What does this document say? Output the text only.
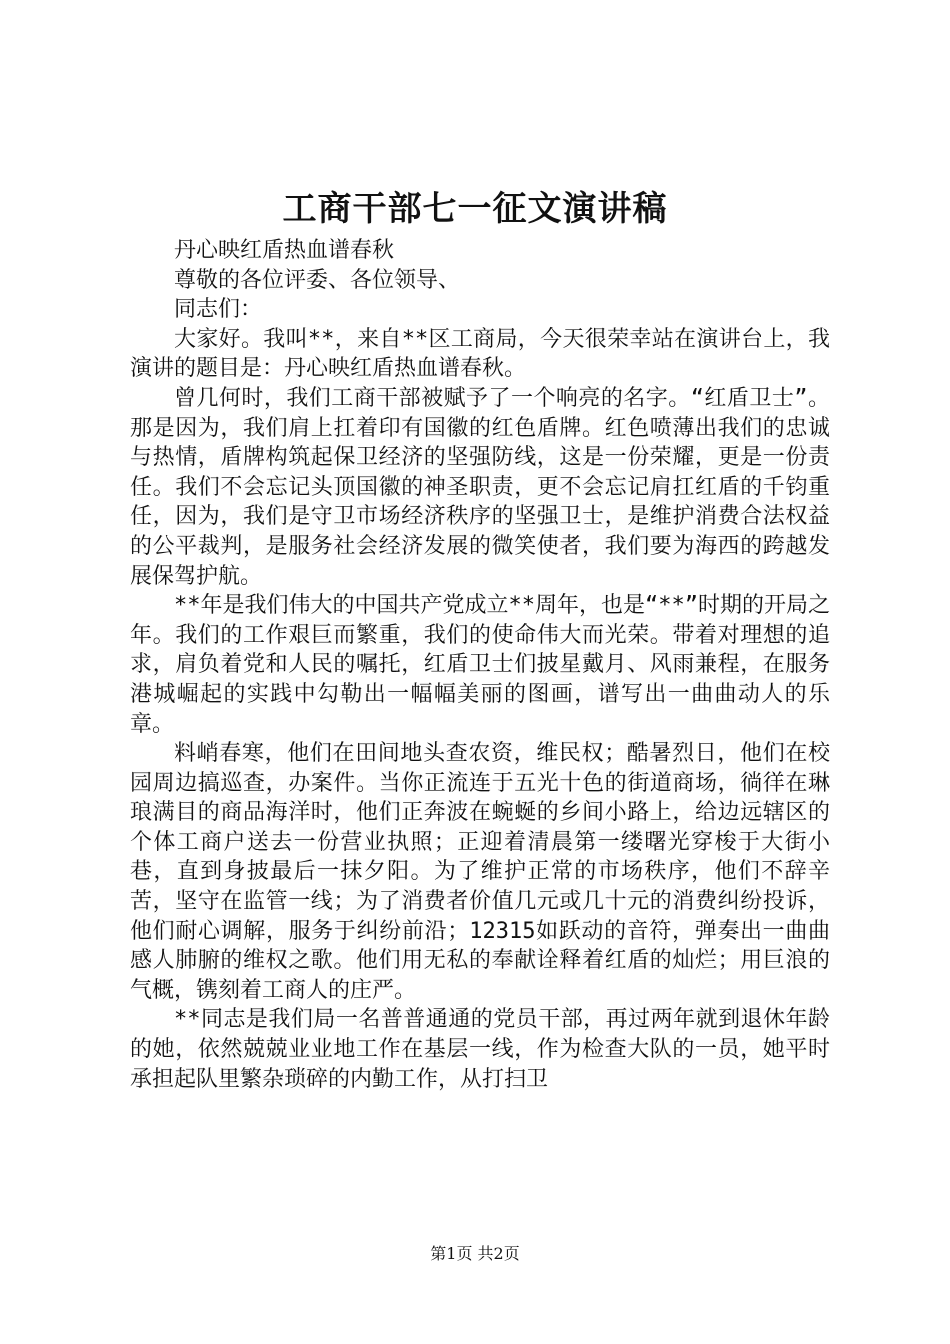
工商干部七一征文演讲稿

丹心映红盾热血谱春秋

尊敬的各位评委、各位领导、

同志们：

大家好。我叫**，来自**区工商局，今天很荣幸站在演讲台上，我演讲的题目是：丹心映红盾热血谱春秋。

曾几何时，我们工商干部被赋予了一个响亮的名字。“红盾卫士”。那是因为，我们肩上扛着印有国徽的红色盾牌。红色喷薄出我们的忠诚与热情，盾牌构筑起保卫经济的坚强防线，这是一份荣耀，更是一份责任。我们不会忘记头顶国徽的神圣职责，更不会忘记肩扛红盾的千钧重任，因为，我们是守卫市场经济秩序的坚强卫士，是维护消费合法权益的公平裁判，是服务社会经济发展的微笑使者，我们要为海西的跨越发展保驾护航。

**年是我们伟大的中国共产党成立**周年，也是“**”时期的开局之年。我们的工作艰巨而繁重，我们的使命伟大而光荣。带着对理想的追求，肩负着党和人民的嘱托，红盾卫士们披星戴月、风雨兼程，在服务港城崛起的实践中勾勒出一幅幅美丽的图画，谱写出一曲曲动人的乐章。

料峭春寒，他们在田间地头查农资，维民权；酷暑烈日，他们在校园周边搞巡查，办案件。当你正流连于五光十色的街道商场，徜徉在琳琅满目的商品海洋时，他们正奔波在蜿蜒的乡间小路上，给边远辖区的个体工商户送去一份营业执照；正迎着清晨第一缕曙光穿梭于大街小巷，直到身披最后一抹夕阳。为了维护正常的市场秩序，他们不辞辛苦，坚守在监管一线；为了消费者价值几元或几十元的消费纠纷投诉，他们耐心调解，服务于纠纷前沿；12315如跃动的音符，弹奏出一曲曲感人肺腑的维权之歌。他们用无私的奉献诠释着红盾的灿烂；用巨浪的气概，镌刻着工商人的庄严。

**同志是我们局一名普普通通的党员干部，再过两年就到退休年龄的她，依然兢兢业业地工作在基层一线，作为检查大队的一员，她平时承担起队里繁杂琐碎的内勤工作，从打扫卫

第1页 共2页
